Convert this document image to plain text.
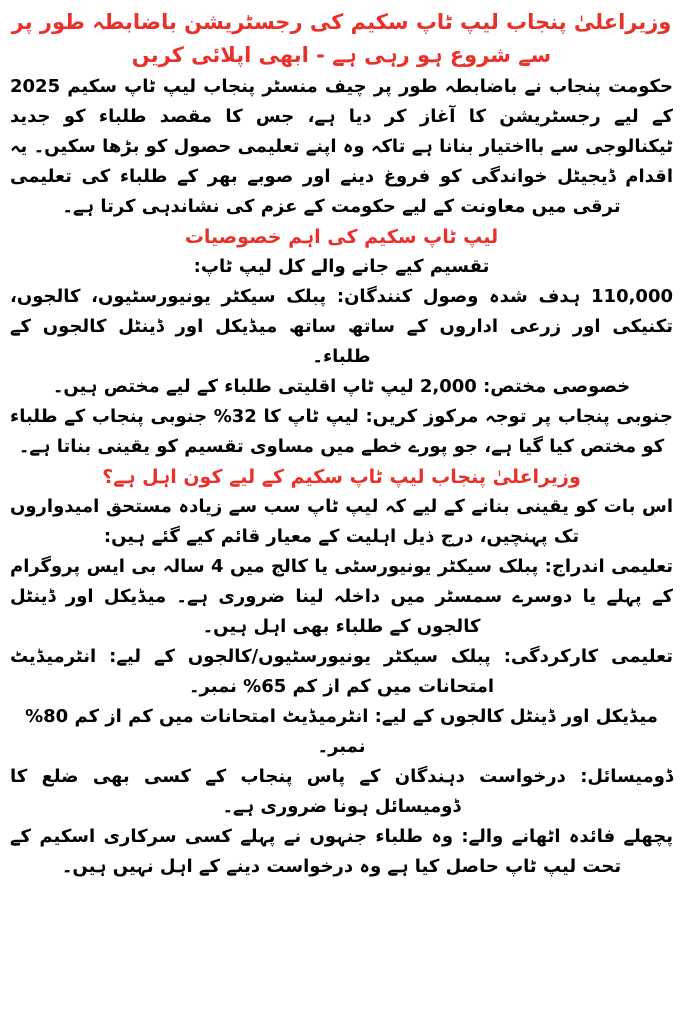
وزیراعلیٰ پنجاب لیپ ٹاپ سکیم کی رجسٹریشن باضابطہ طور پر سے شروع ہو رہی ہے - ابھی اپلائی کریں

حکومت پنجاب نے باضابطہ طور پر چیف منسٹر پنجاب لیپ ٹاپ سکیم 2025 کے لیے رجسٹریشن کا آغاز کر دیا ہے، جس کا مقصد طلباء کو جدید ٹیکنالوجی سے بااختیار بنانا ہے تاکہ وہ اپنے تعلیمی حصول کو بڑھا سکیں۔ یہ اقدام ڈیجیٹل خواندگی کو فروغ دینے اور صوبے بھر کے طلباء کی تعلیمی ترقی میں معاونت کے لیے حکومت کے عزم کی نشاندہی کرتا ہے۔

لیپ ٹاپ سکیم کی اہم خصوصیات

تقسیم کیے جانے والے کل لیپ ٹاپ:

110,000 ہدف شدہ وصول کنندگان: پبلک سیکٹر یونیورسٹیوں، کالجوں، تکنیکی اور زرعی اداروں کے ساتھ ساتھ میڈیکل اور ڈینٹل کالجوں کے طلباء۔

خصوصی مختص: 2,000 لیپ ٹاپ اقلیتی طلباء کے لیے مختص ہیں۔

جنوبی پنجاب پر توجہ مرکوز کریں: لیپ ٹاپ کا 32% جنوبی پنجاب کے طلباء کو مختص کیا گیا ہے، جو پورے خطے میں مساوی تقسیم کو یقینی بناتا ہے۔

وزیراعلیٰ پنجاب لیپ ٹاپ سکیم کے لیے کون اہل ہے؟

اس بات کو یقینی بنانے کے لیے کہ لیپ ٹاپ سب سے زیادہ مستحق امیدواروں تک پہنچیں، درج ذیل اہلیت کے معیار قائم کیے گئے ہیں:

تعلیمی اندراج: پبلک سیکٹر یونیورسٹی یا کالج میں 4 سالہ بی ایس پروگرام کے پہلے یا دوسرے سمسٹر میں داخلہ لینا ضروری ہے۔ میڈیکل اور ڈینٹل کالجوں کے طلباء بھی اہل ہیں۔

تعلیمی کارکردگی: پبلک سیکٹر یونیورسٹیوں/کالجوں کے لیے: انٹرمیڈیٹ امتحانات میں کم از کم 65% نمبر۔

میڈیکل اور ڈینٹل کالجوں کے لیے: انٹرمیڈیٹ امتحانات میں کم از کم 80% نمبر۔

ڈومیسائل: درخواست دہندگان کے پاس پنجاب کے کسی بھی ضلع کا ڈومیسائل ہونا ضروری ہے۔

پچھلے فائدہ اٹھانے والے: وہ طلباء جنہوں نے پہلے کسی سرکاری اسکیم کے تحت لیپ ٹاپ حاصل کیا ہے وہ درخواست دینے کے اہل نہیں ہیں۔
